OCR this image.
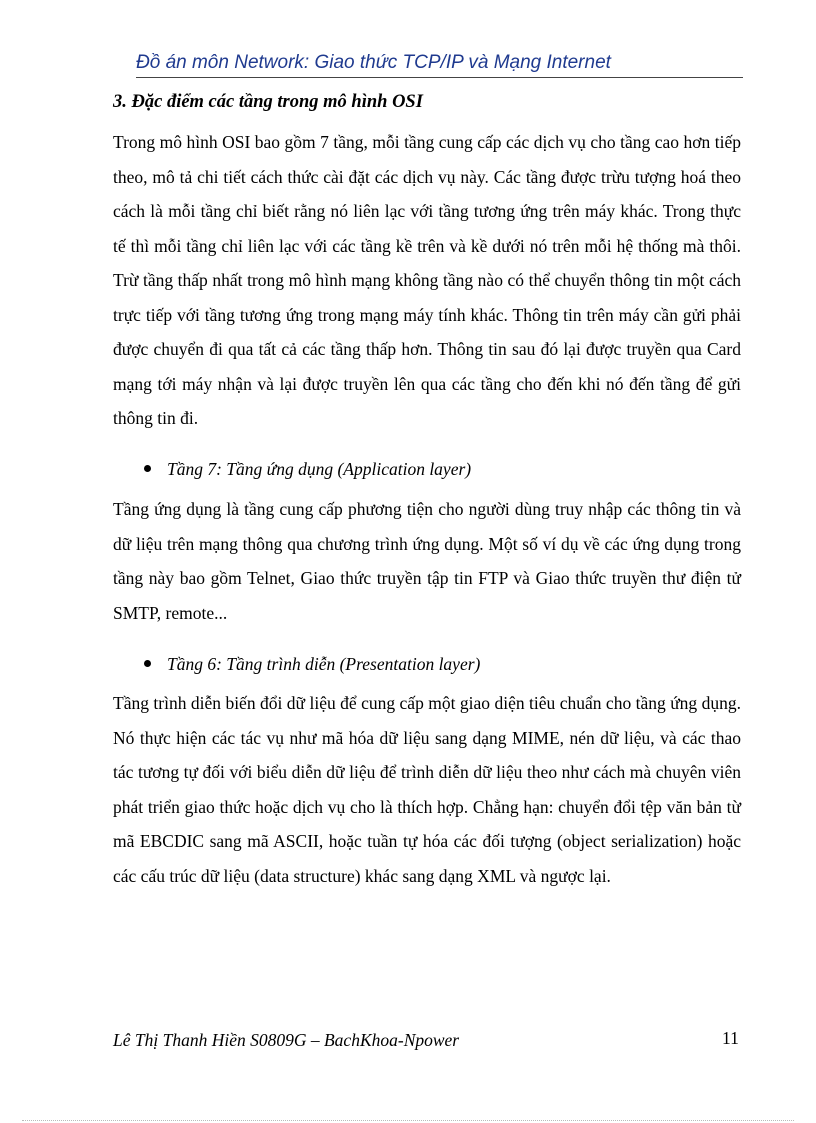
Đồ án môn Network: Giao thức TCP/IP và Mạng Internet
3. Đặc điểm các tầng trong mô hình OSI

Trong mô hình OSI bao gồm 7 tầng, mỗi tầng cung cấp các dịch vụ cho tầng cao hơn tiếp theo, mô tả chi tiết cách thức cài đặt các dịch vụ này. Các tầng được trừu tượng hoá theo cách là mỗi tầng chỉ biết rằng nó liên lạc với tầng tương ứng trên máy khác. Trong thực tế thì mỗi tầng chỉ liên lạc với các tầng kề trên và kề dưới nó trên mỗi hệ thống mà thôi. Trừ tầng thấp nhất trong mô hình mạng không tầng nào có thể chuyển thông tin một cách trực tiếp với tầng tương ứng trong mạng máy tính khác. Thông tin trên máy cần gửi phải được chuyển đi qua tất cả các tầng thấp hơn. Thông tin sau đó lại được truyền qua Card mạng tới máy nhận và lại được truyền lên qua các tầng cho đến khi nó đến tầng để gửi thông tin đi.

Tầng 7: Tầng ứng dụng (Application layer)

Tầng ứng dụng là tầng cung cấp phương tiện cho người dùng truy nhập các thông tin và dữ liệu trên mạng thông qua chương trình ứng dụng. Một số ví dụ về các ứng dụng trong tầng này bao gồm Telnet, Giao thức truyền tập tin FTP và Giao thức truyền thư điện tử SMTP, remote...

Tầng 6: Tầng trình diễn (Presentation layer)

Tầng trình diễn biến đổi dữ liệu để cung cấp một giao diện tiêu chuẩn cho tầng ứng dụng. Nó thực hiện các tác vụ như mã hóa dữ liệu sang dạng MIME, nén dữ liệu, và các thao tác tương tự đối với biểu diễn dữ liệu để trình diễn dữ liệu theo như cách mà chuyên viên phát triển giao thức hoặc dịch vụ cho là thích hợp. Chẳng hạn: chuyển đổi tệp văn bản từ mã EBCDIC sang mã ASCII, hoặc tuần tự hóa các đối tượng (object serialization) hoặc các cấu trúc dữ liệu (data structure) khác sang dạng XML và ngược lại.

Lê Thị Thanh Hiền S0809G – BachKhoa-Npower	11
